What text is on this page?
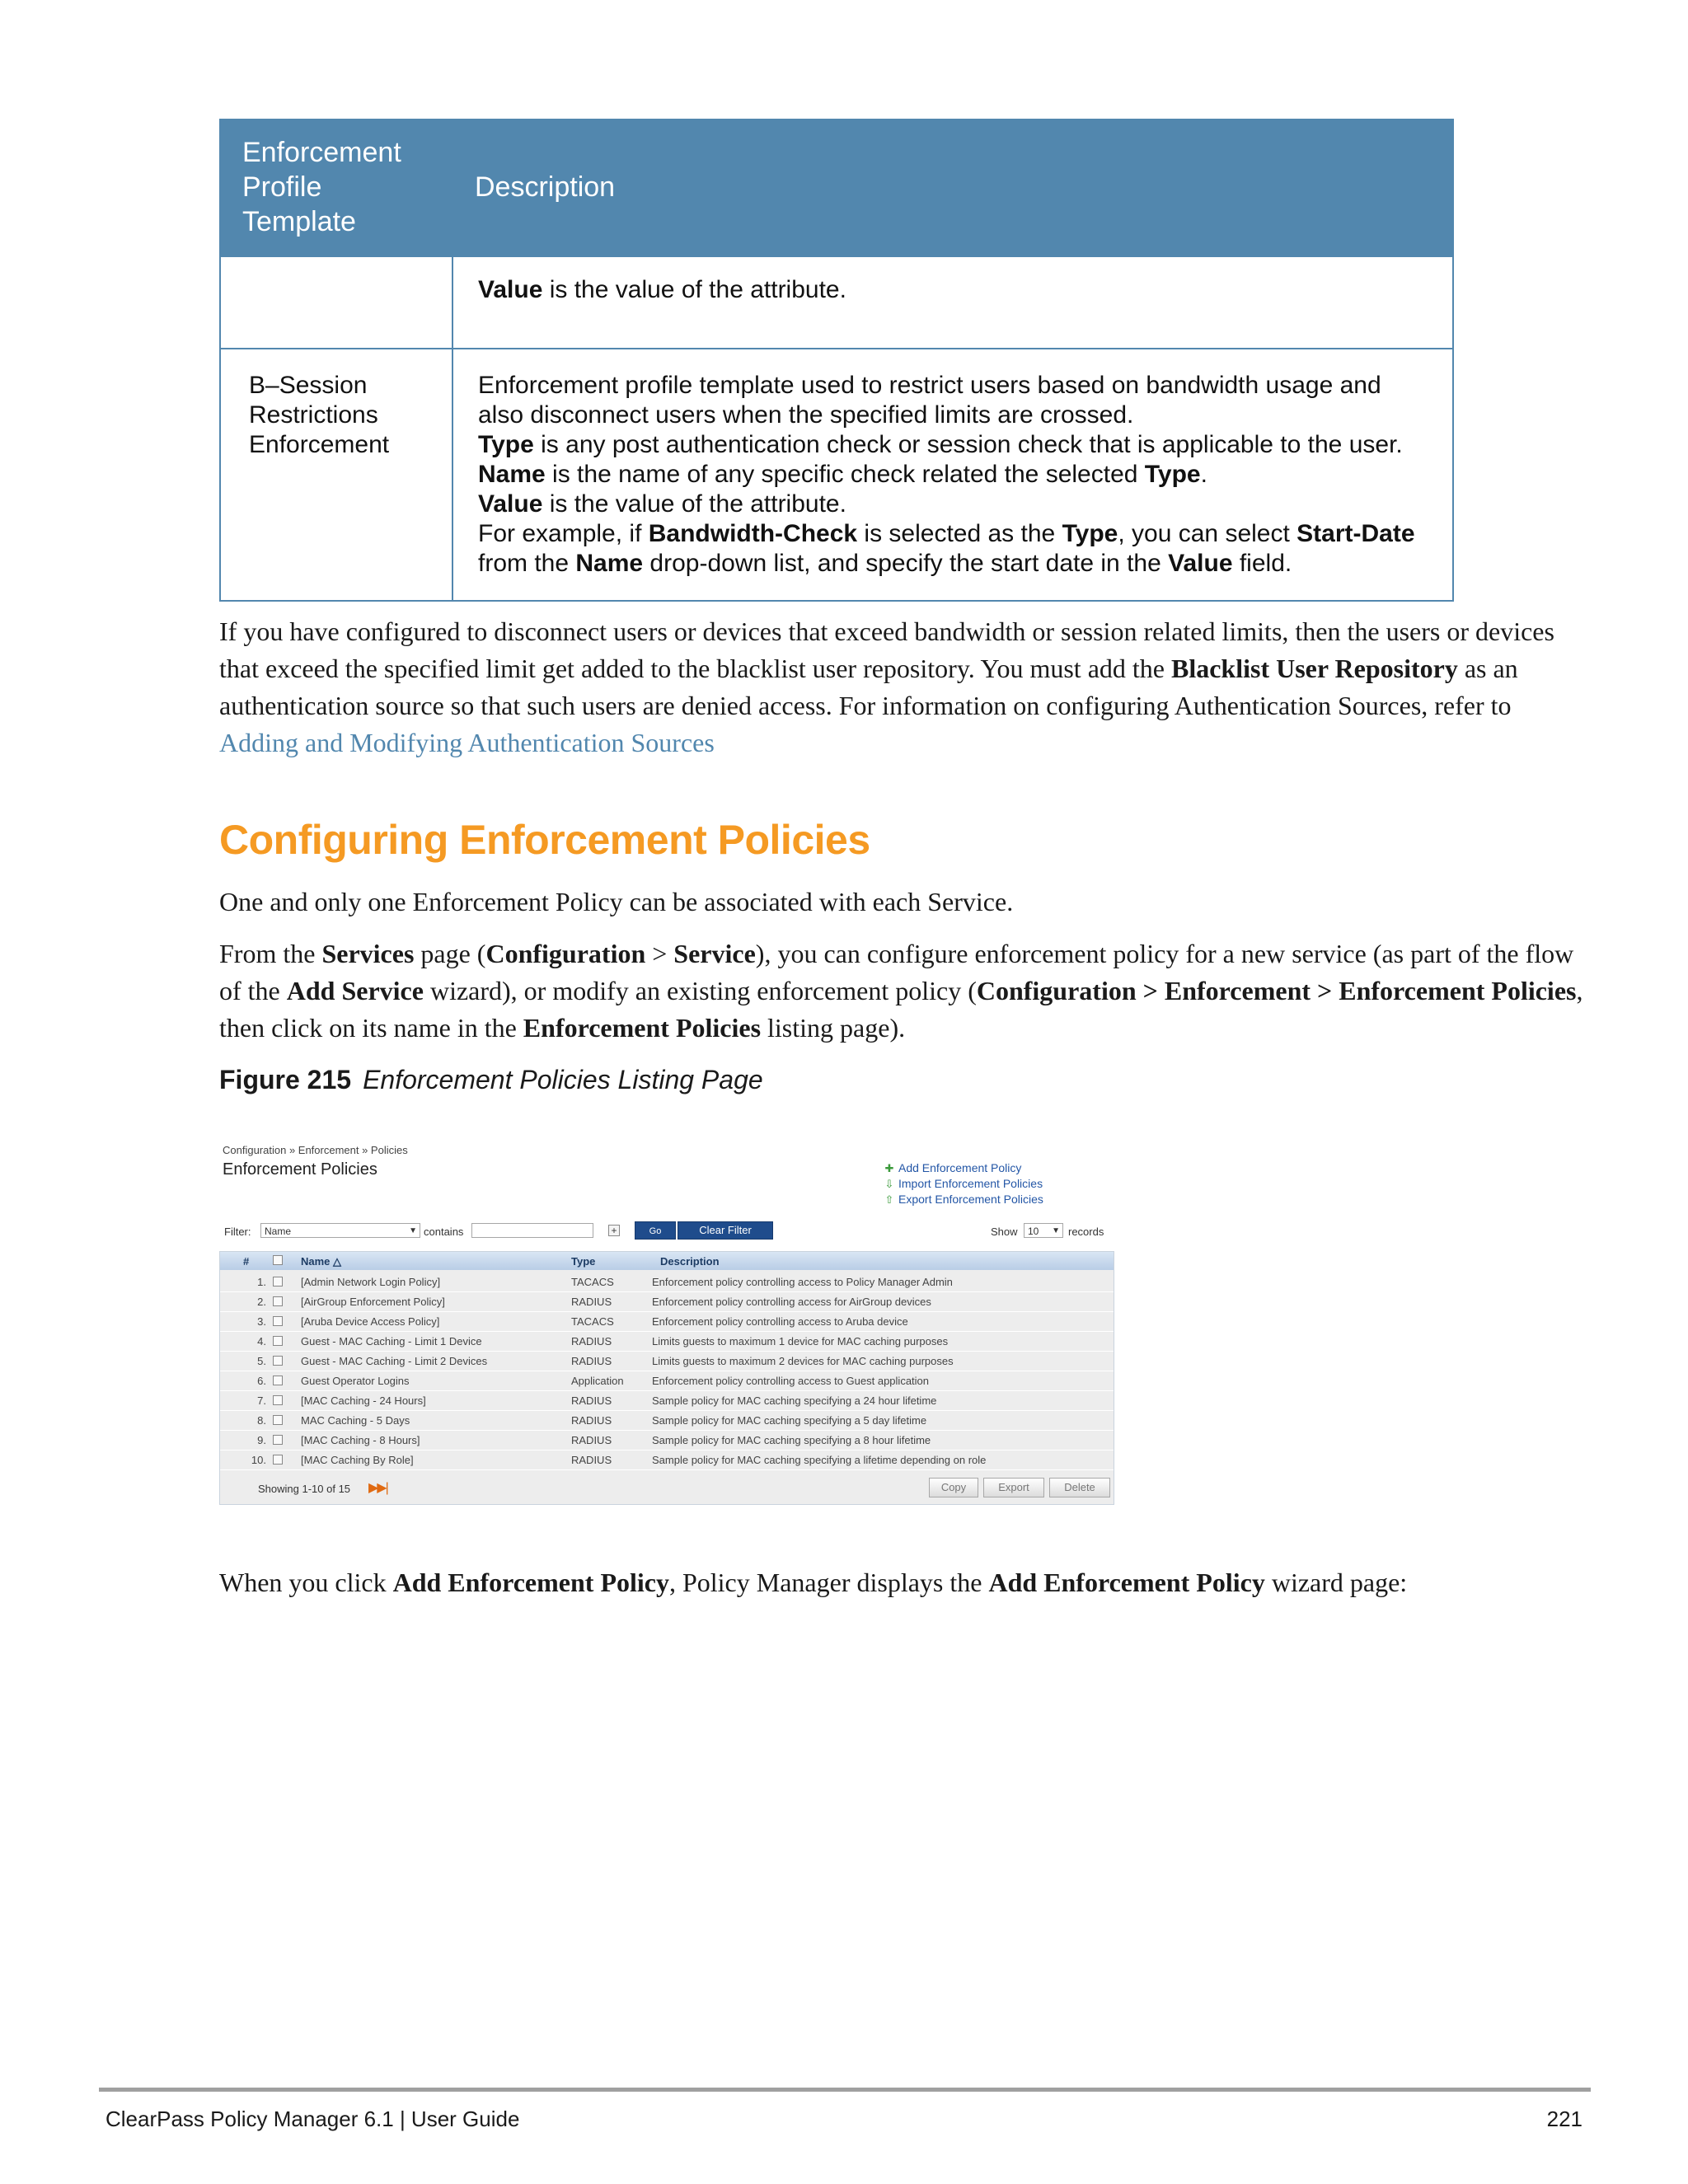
Enforcement Profile Template	Description
	Value is the value of the attribute.
B–Session Restrictions Enforcement	Enforcement profile template used to restrict users based on bandwidth usage and also disconnect users when the specified limits are crossed.
Type is any post authentication check or session check that is applicable to the user.
Name is the name of any specific check related the selected Type.
Value is the value of the attribute.
For example, if Bandwidth-Check is selected as the Type, you can select Start-Date from the Name drop-down list, and specify the start date in the Value field.

If you have configured to disconnect users or devices that exceed bandwidth or session related limits, then the users or devices that exceed the specified limit get added to the blacklist user repository. You must add the Blacklist User Repository as an authentication source so that such users are denied access. For information on configuring Authentication Sources, refer to Adding and Modifying Authentication Sources

Configuring Enforcement Policies

One and only one Enforcement Policy can be associated with each Service.

From the Services page (Configuration > Service), you can configure enforcement policy for a new service (as part of the flow of the Add Service wizard), or modify an existing enforcement policy (Configuration > Enforcement > Enforcement Policies, then click on its name in the Enforcement Policies listing page).

Figure 215 Enforcement Policies Listing Page

Configuration » Enforcement » Policies
Enforcement Policies	✚ Add Enforcement Policy
⇩ Import Enforcement Policies
⇧ Export Enforcement Policies
Filter:	Name	▼ contains	+	Go	Clear Filter	Show	10 ▼ records
#	Name △	Type	Description
1.	[Admin Network Login Policy]	TACACS	Enforcement policy controlling access to Policy Manager Admin
2.	[AirGroup Enforcement Policy]	RADIUS	Enforcement policy controlling access for AirGroup devices
3.	[Aruba Device Access Policy]	TACACS	Enforcement policy controlling access to Aruba device
4.	Guest - MAC Caching - Limit 1 Device	RADIUS	Limits guests to maximum 1 device for MAC caching purposes
5.	Guest - MAC Caching - Limit 2 Devices	RADIUS	Limits guests to maximum 2 devices for MAC caching purposes
6.	Guest Operator Logins	Application	Enforcement policy controlling access to Guest application
7.	[MAC Caching - 24 Hours]	RADIUS	Sample policy for MAC caching specifying a 24 hour lifetime
8.	MAC Caching - 5 Days	RADIUS	Sample policy for MAC caching specifying a 5 day lifetime
9.	[MAC Caching - 8 Hours]	RADIUS	Sample policy for MAC caching specifying a 8 hour lifetime
10.	[MAC Caching By Role]	RADIUS	Sample policy for MAC caching specifying a lifetime depending on role
Showing 1-10 of 15 ▶▶|	Copy	Export	Delete

When you click Add Enforcement Policy, Policy Manager displays the Add Enforcement Policy wizard page:

ClearPass Policy Manager 6.1 | User Guide	221
